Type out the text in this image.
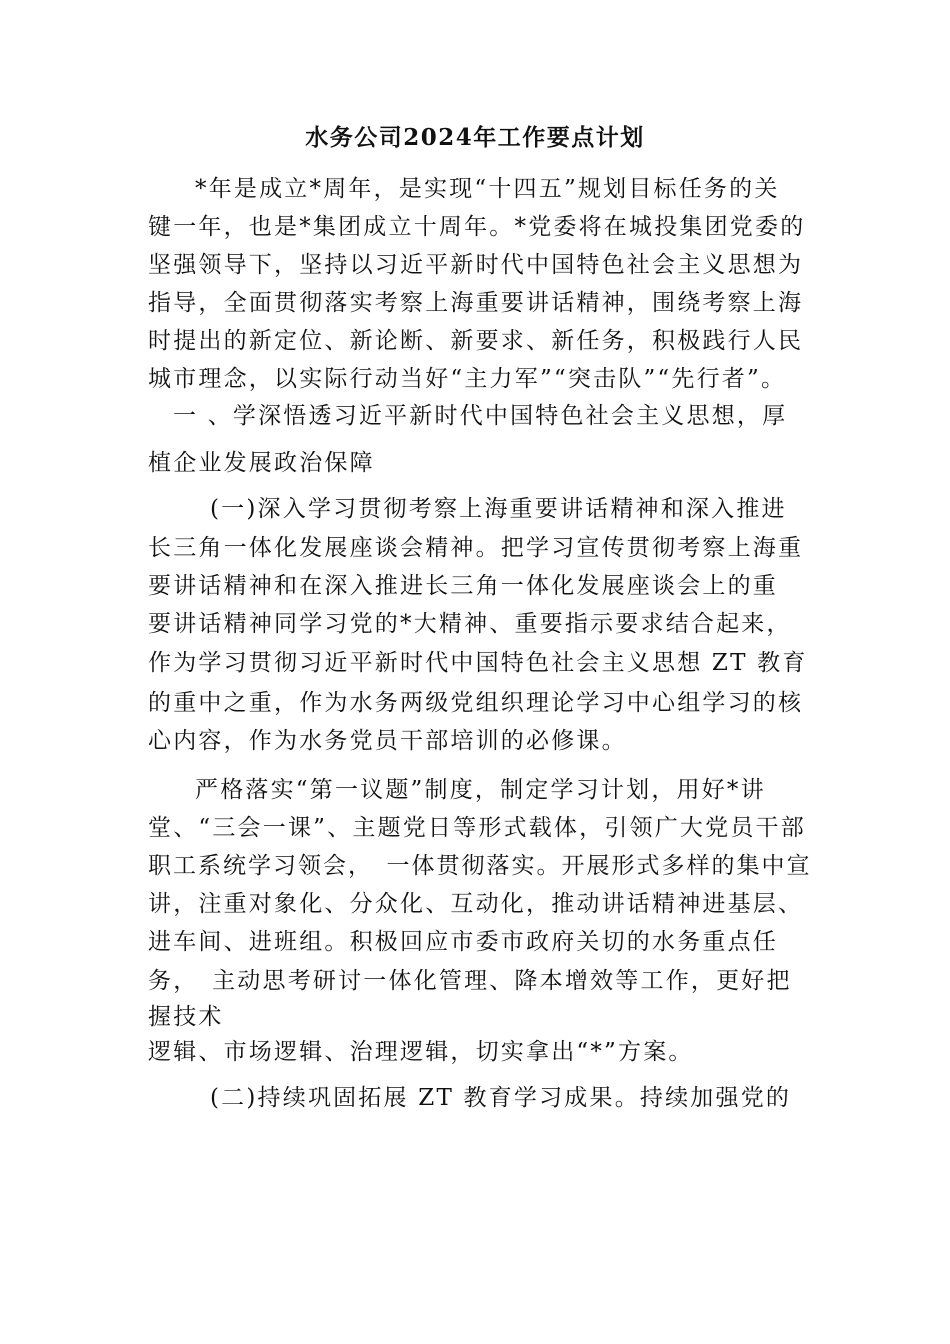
水务公司2024年工作要点计划
*年是成立*周年，是实现“十四五”规划目标任务的关
键一年，也是*集团成立十周年。*党委将在城投集团党委的
坚强领导下，坚持以习近平新时代中国特色社会主义思想为
指导，全面贯彻落实考察上海重要讲话精神，围绕考察上海
时提出的新定位、新论断、新要求、新任务，积极践行人民
城市理念，以实际行动当好“主力军”“突击队”“先行者”。
一 、学深悟透习近平新时代中国特色社会主义思想，厚
植企业发展政治保障
(一)深入学习贯彻考察上海重要讲话精神和深入推进
长三角一体化发展座谈会精神。把学习宣传贯彻考察上海重
要讲话精神和在深入推进长三角一体化发展座谈会上的重
要讲话精神同学习党的*大精神、重要指示要求结合起来，
作为学习贯彻习近平新时代中国特色社会主义思想 ZT 教育
的重中之重，作为水务两级党组织理论学习中心组学习的核
心内容，作为水务党员干部培训的必修课。
严格落实“第一议题”制度，制定学习计划，用好*讲
堂、“三会一课”、主题党日等形式载体，引领广大党员干部
职工系统学习领会，　一体贯彻落实。开展形式多样的集中宣
讲，注重对象化、分众化、互动化，推动讲话精神进基层、
进车间、进班组。积极回应市委市政府关切的水务重点任
务，　主动思考研讨一体化管理、降本增效等工作，更好把
握技术
逻辑、市场逻辑、治理逻辑，切实拿出“*”方案。
(二)持续巩固拓展 ZT 教育学习成果。持续加强党的
